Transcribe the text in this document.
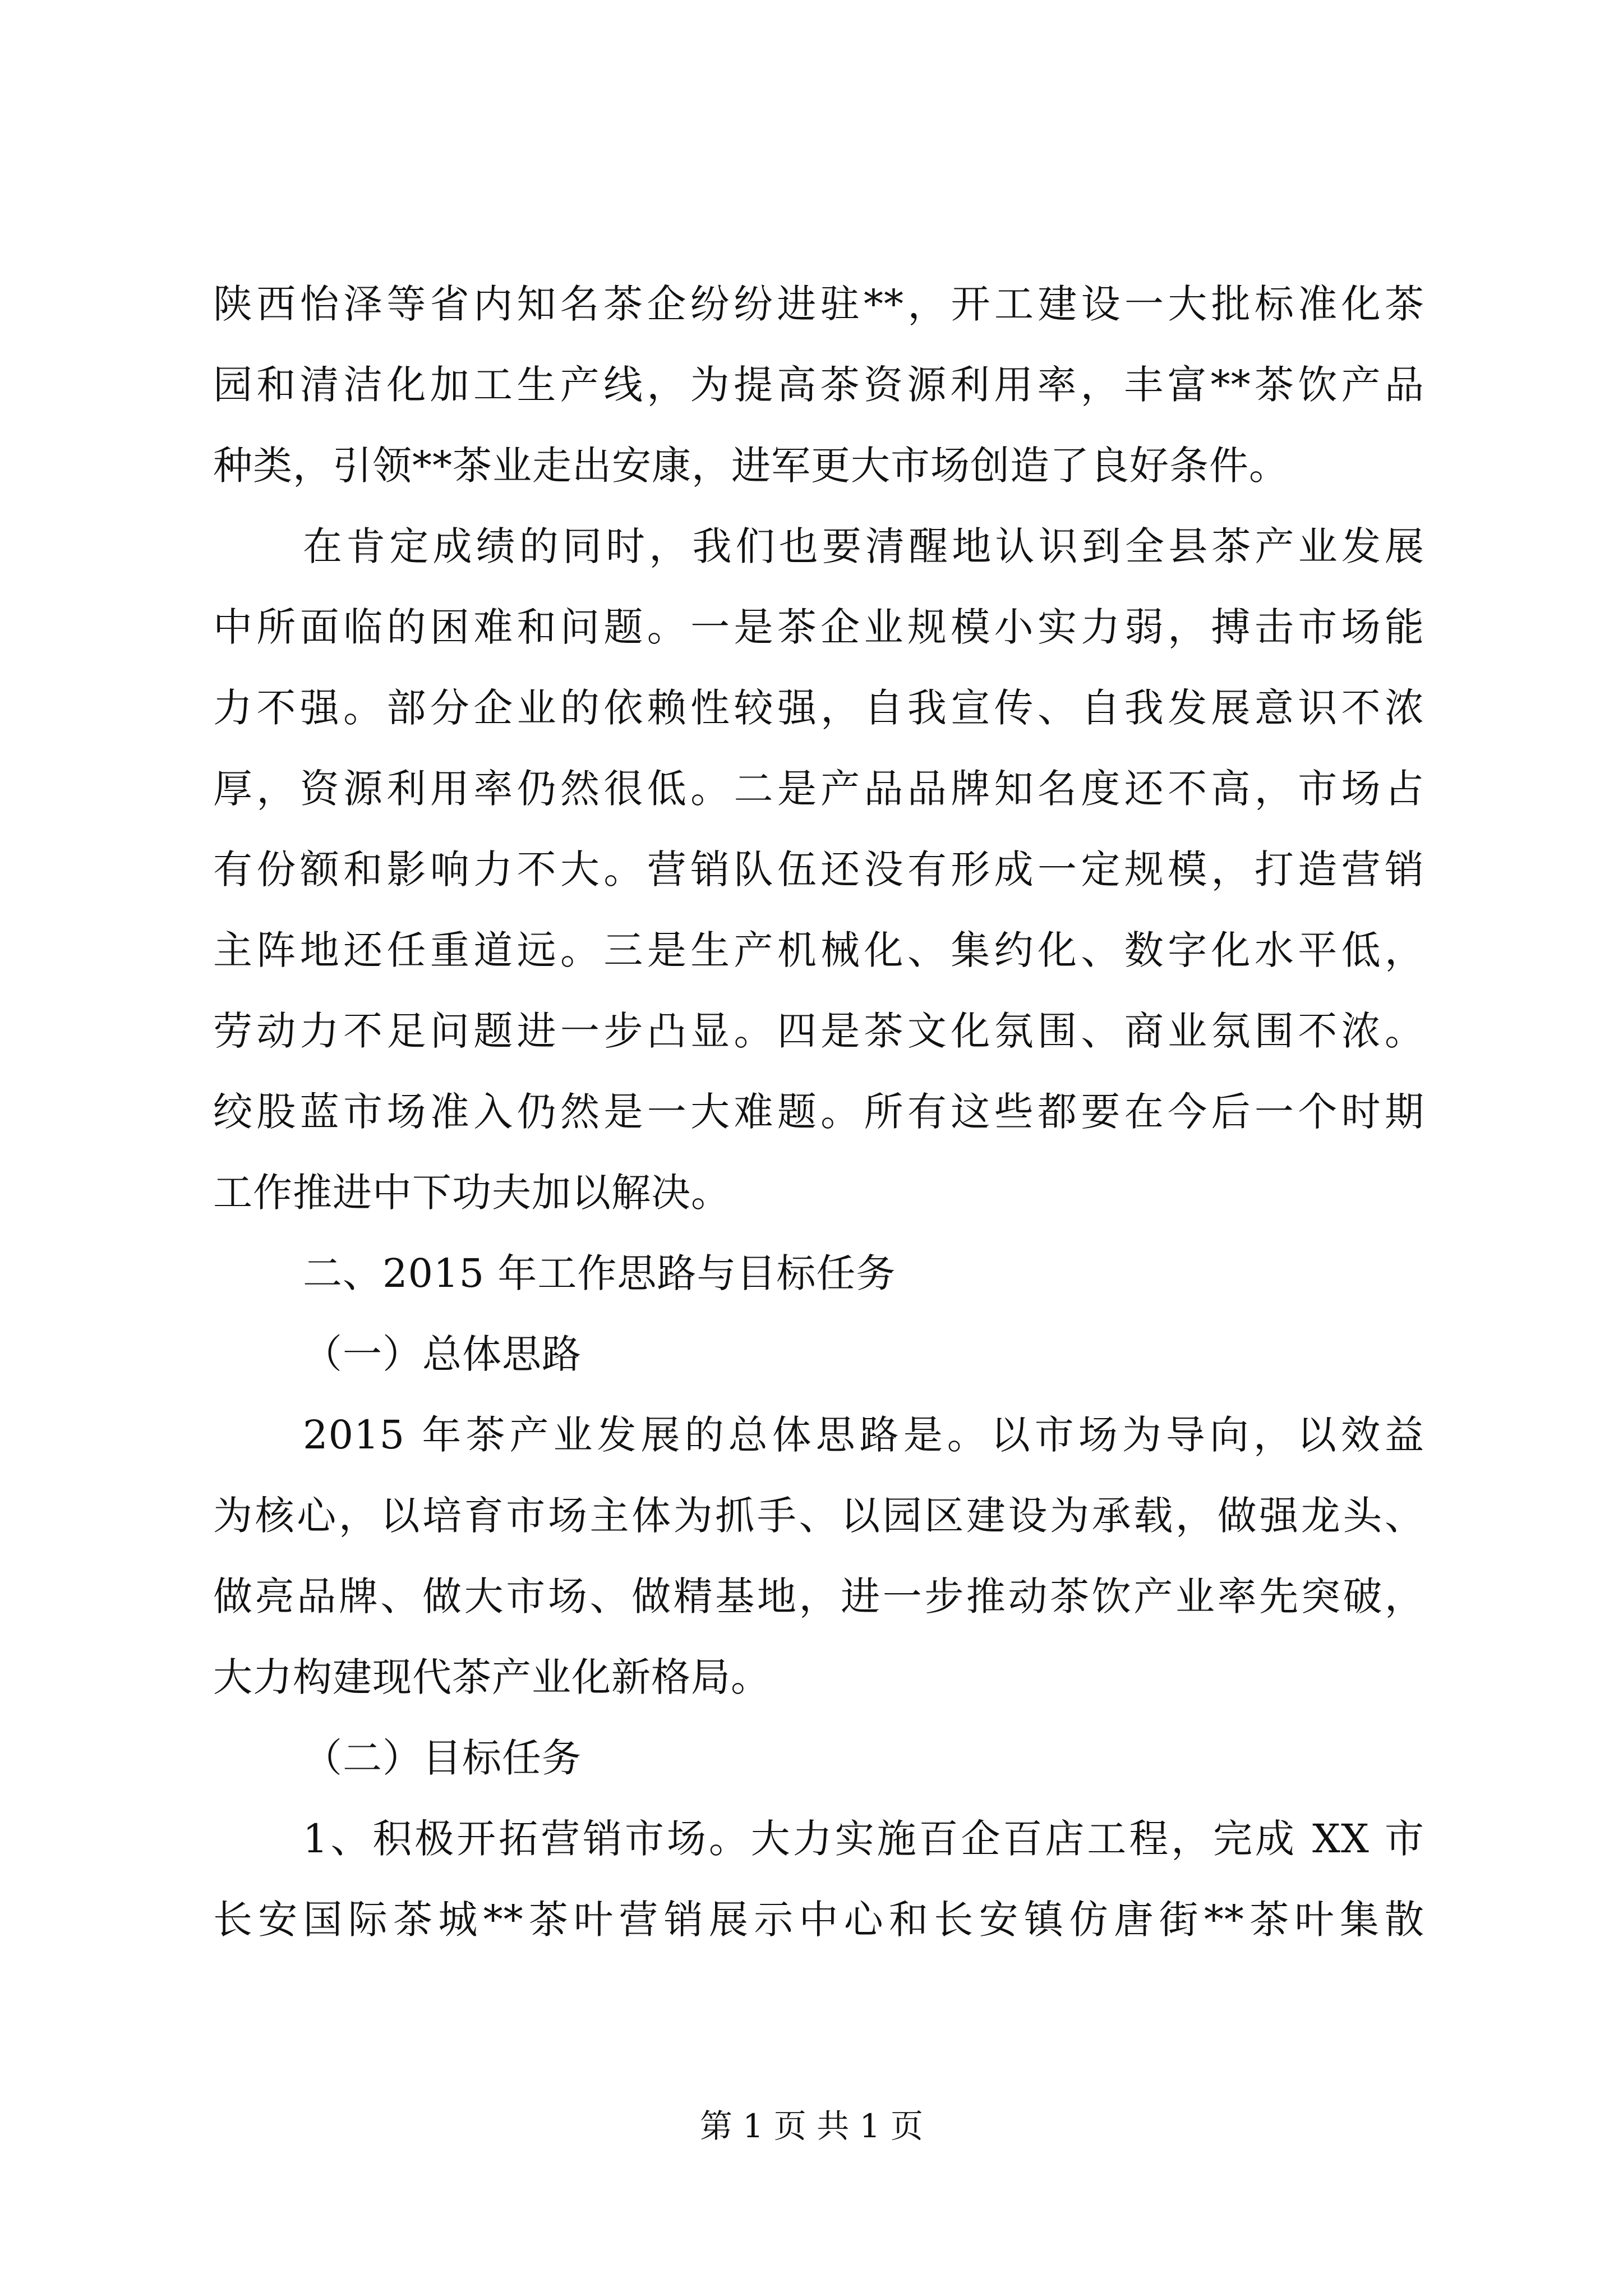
陕西怡泽等省内知名茶企纷纷进驻**，开工建设一大批标准化茶
园和清洁化加工生产线，为提高茶资源利用率，丰富**茶饮产品
种类，引领**茶业走出安康，进军更大市场创造了良好条件。
在肯定成绩的同时，我们也要清醒地认识到全县茶产业发展
中所面临的困难和问题。一是茶企业规模小实力弱，搏击市场能
力不强。部分企业的依赖性较强，自我宣传、自我发展意识不浓
厚，资源利用率仍然很低。二是产品品牌知名度还不高，市场占
有份额和影响力不大。营销队伍还没有形成一定规模，打造营销
主阵地还任重道远。三是生产机械化、集约化、数字化水平低，
劳动力不足问题进一步凸显。四是茶文化氛围、商业氛围不浓。
绞股蓝市场准入仍然是一大难题。所有这些都要在今后一个时期
工作推进中下功夫加以解决。
二、2015 年工作思路与目标任务
（一）总体思路
2015 年茶产业发展的总体思路是。以市场为导向，以效益
为核心，以培育市场主体为抓手、以园区建设为承载，做强龙头、
做亮品牌、做大市场、做精基地，进一步推动茶饮产业率先突破，
大力构建现代茶产业化新格局。
（二）目标任务
1、积极开拓营销市场。大力实施百企百店工程，完成 XX 市
长安国际茶城**茶叶营销展示中心和长安镇仿唐街**茶叶集散
第 1 页 共 1 页
